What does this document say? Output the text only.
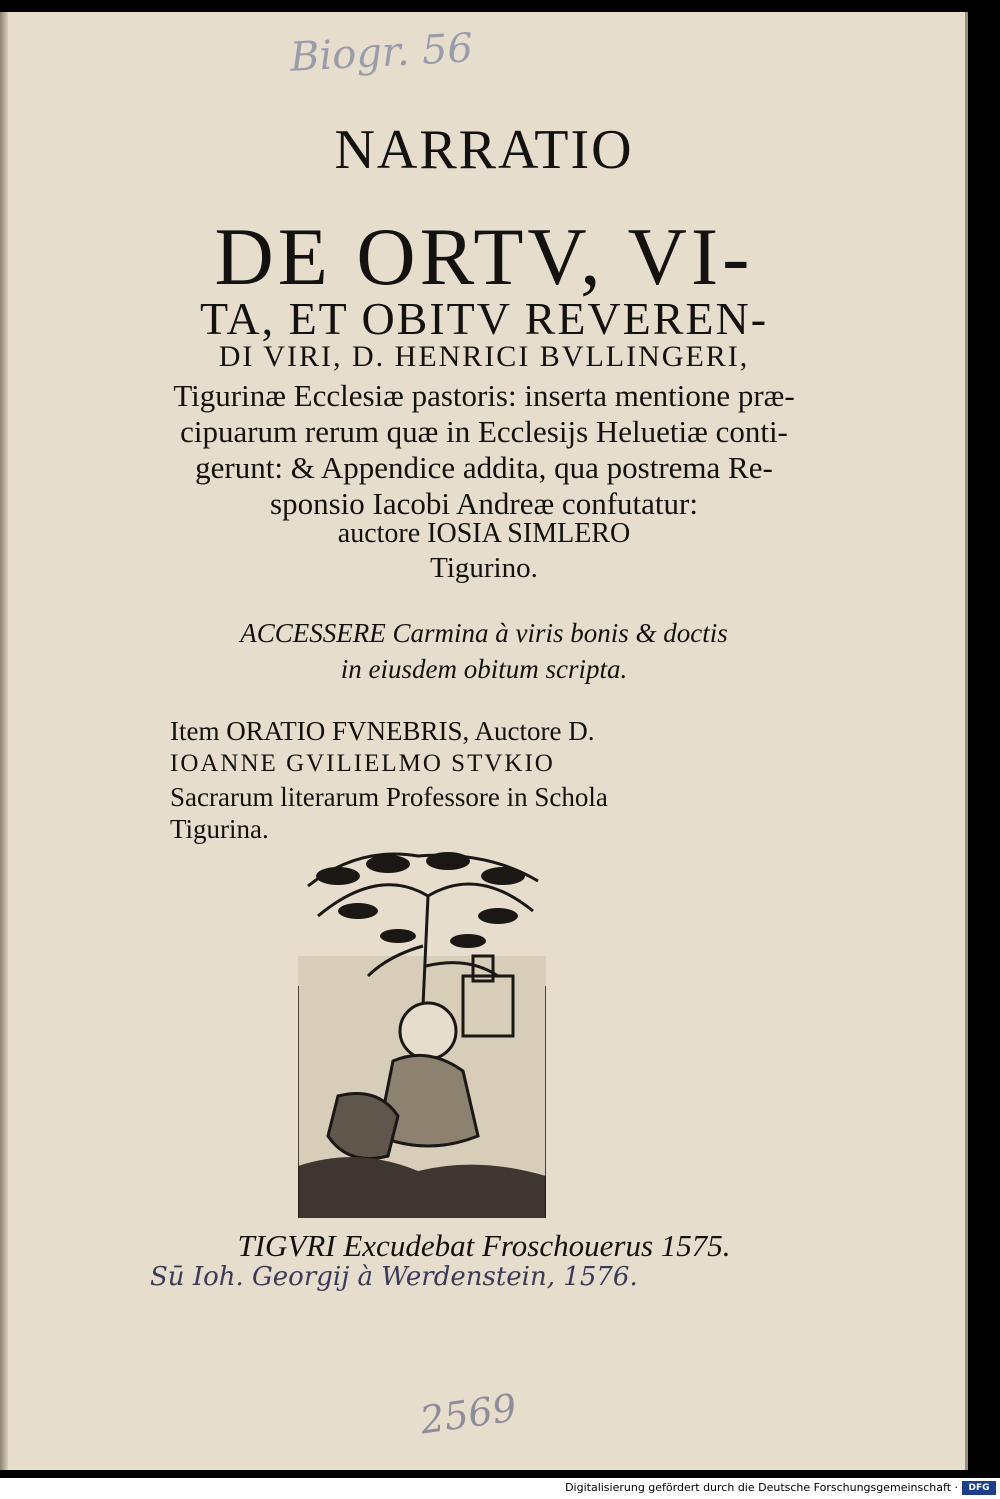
Biogr. 56
NARRATIO
DE ORTV, VI-
TA, ET OBITV REVEREN-
DI VIRI, D. HENRICI BVLLINGERI,
Tigurinæ Ecclesiæ pastoris: inserta mentione præ-
cipuarum rerum quæ in Ecclesijs Heluetiæ conti-
gerunt: & Appendice addita, qua postrema Re-
sponsio Iacobi Andreæ confutatur:
auctore IOSIA SIMLERO
Tigurino.
ACCESSERE Carmina à viris bonis & doctis
in eiusdem obitum scripta.
Item ORATIO FVNEBRIS, Auctore D.
IOANNE GVILIELMO STVKIO
Sacrarum literarum Professore in Schola
Tigurina.
TIGVRI Excudebat Froschouerus 1575.
Sū Ioh. Georgij à Werdenstein, 1576.
2569
Digitalisierung gefördert durch die Deutsche Forschungsgemeinschaft ·	DFG
